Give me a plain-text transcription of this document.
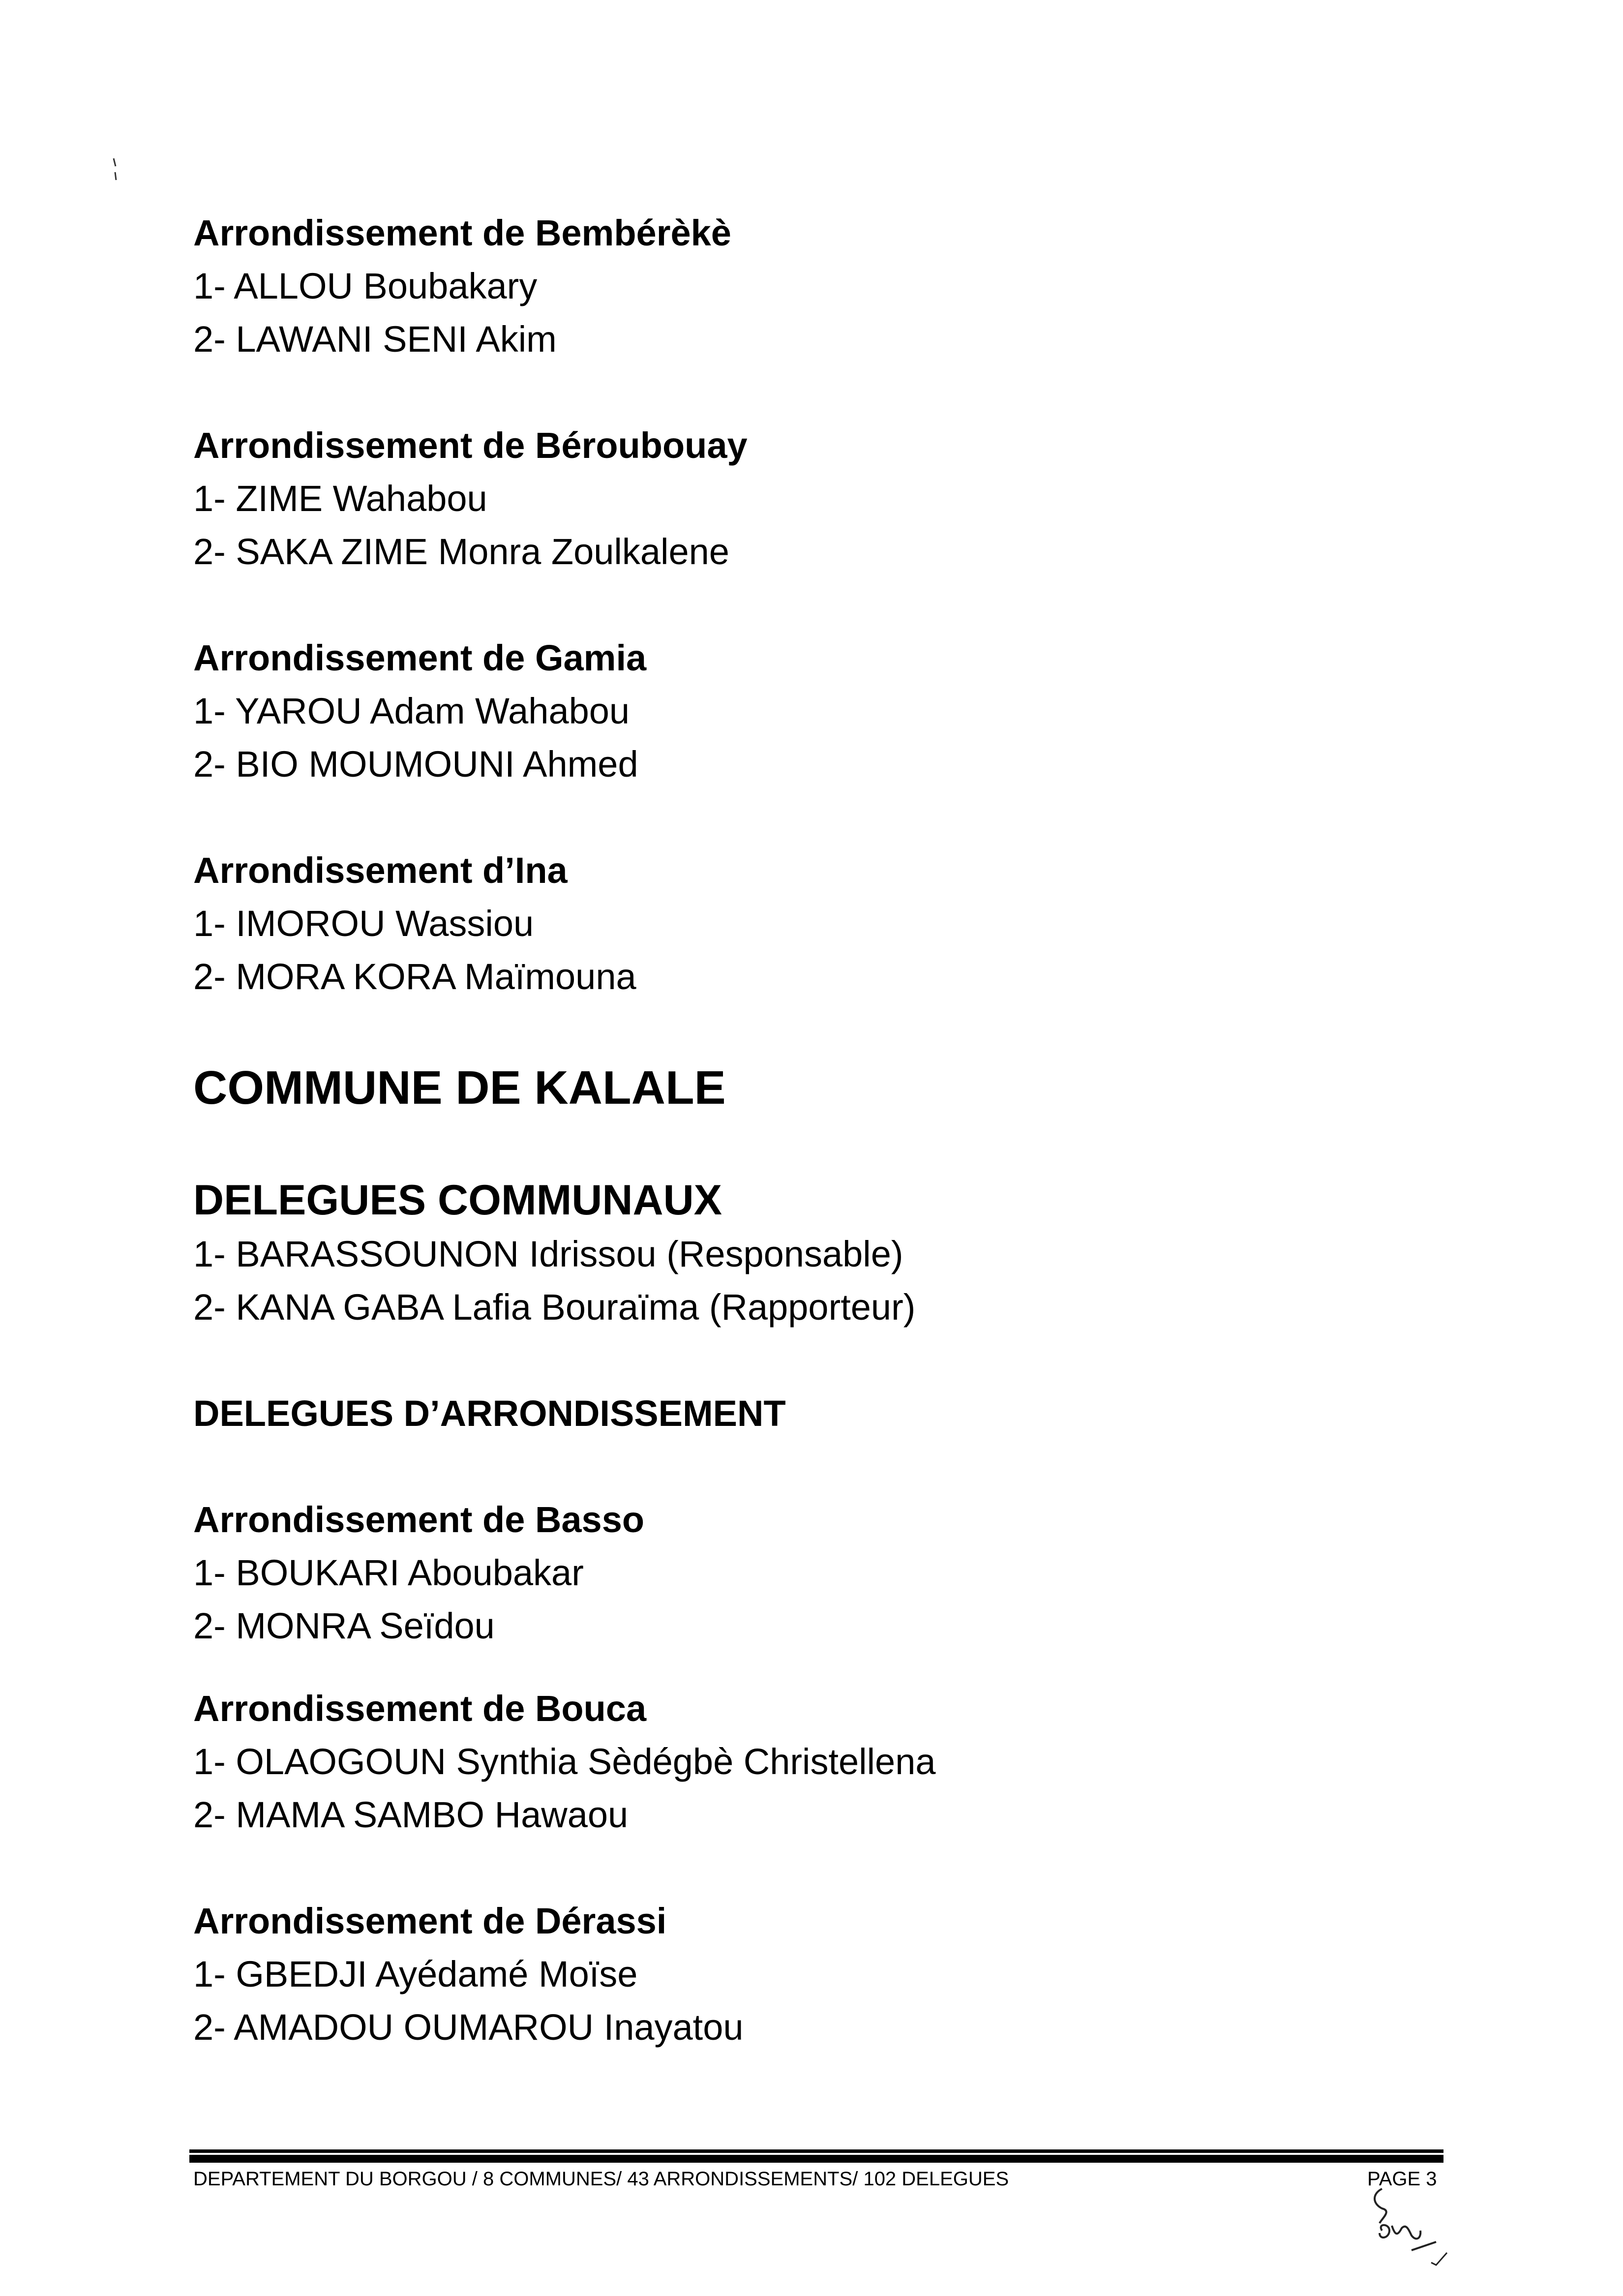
Arrondissement de Bembérèkè
1- ALLOU Boubakary
2- LAWANI SENI Akim
Arrondissement de Béroubouay
1- ZIME Wahabou
2- SAKA ZIME Monra Zoulkalene
Arrondissement de Gamia
1- YAROU Adam Wahabou
2- BIO MOUMOUNI Ahmed
Arrondissement d’Ina
1- IMOROU Wassiou
2- MORA KORA Maïmouna
COMMUNE DE KALALE
DELEGUES COMMUNAUX
1- BARASSOUNON Idrissou (Responsable)
2- KANA GABA Lafia Bouraïma (Rapporteur)
DELEGUES D’ARRONDISSEMENT
Arrondissement de Basso
1- BOUKARI Aboubakar
2- MONRA Seïdou
Arrondissement de Bouca
1- OLAOGOUN Synthia Sèdégbè Christellena
2- MAMA SAMBO Hawaou
Arrondissement de Dérassi
1- GBEDJI Ayédamé Moïse
2- AMADOU OUMAROU Inayatou
DEPARTEMENT DU BORGOU / 8 COMMUNES/ 43 ARRONDISSEMENTS/ 102 DELEGUES	PAGE 3
